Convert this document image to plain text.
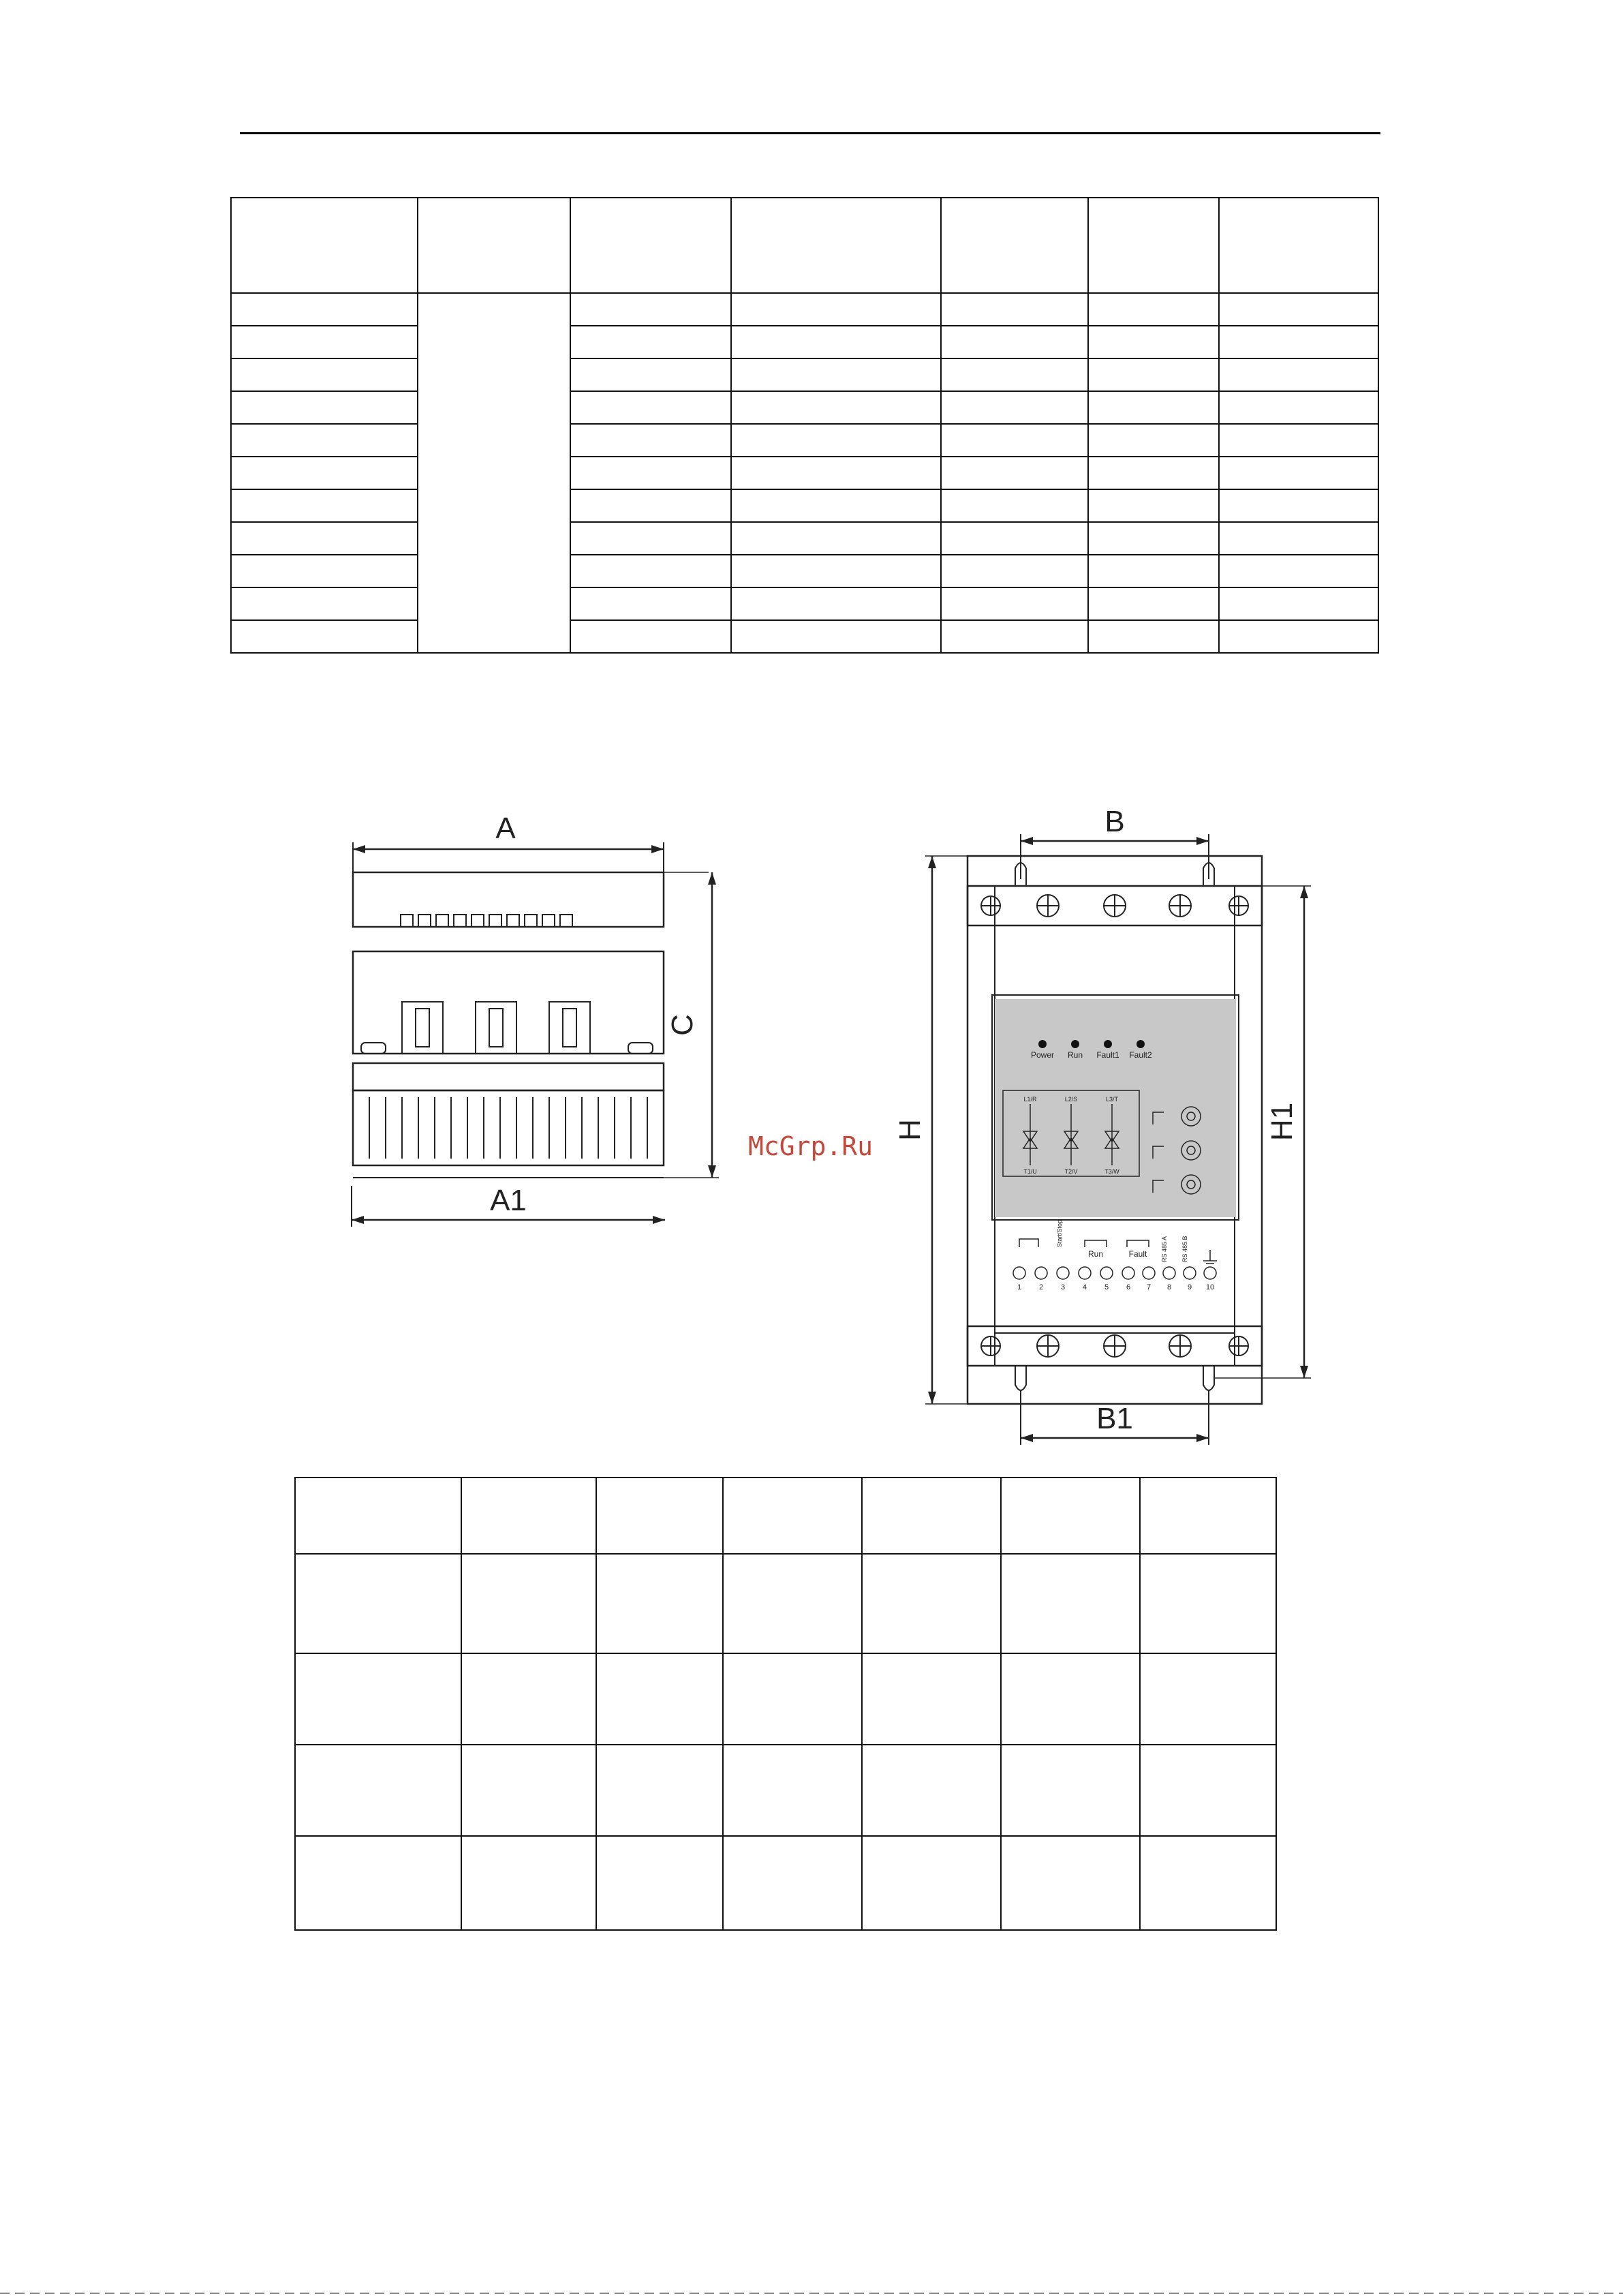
A
C
A1
B
Power Run Fault1 Fault2
L1/R	L2/S	L3/T
T1/U	T2/V	T3/W
Start/Stop
Run	Fault RS 485 A RS 485 B
1 2 3 4 5 6 7 8 9 10
H	H1
B1
McGrp.Ru
